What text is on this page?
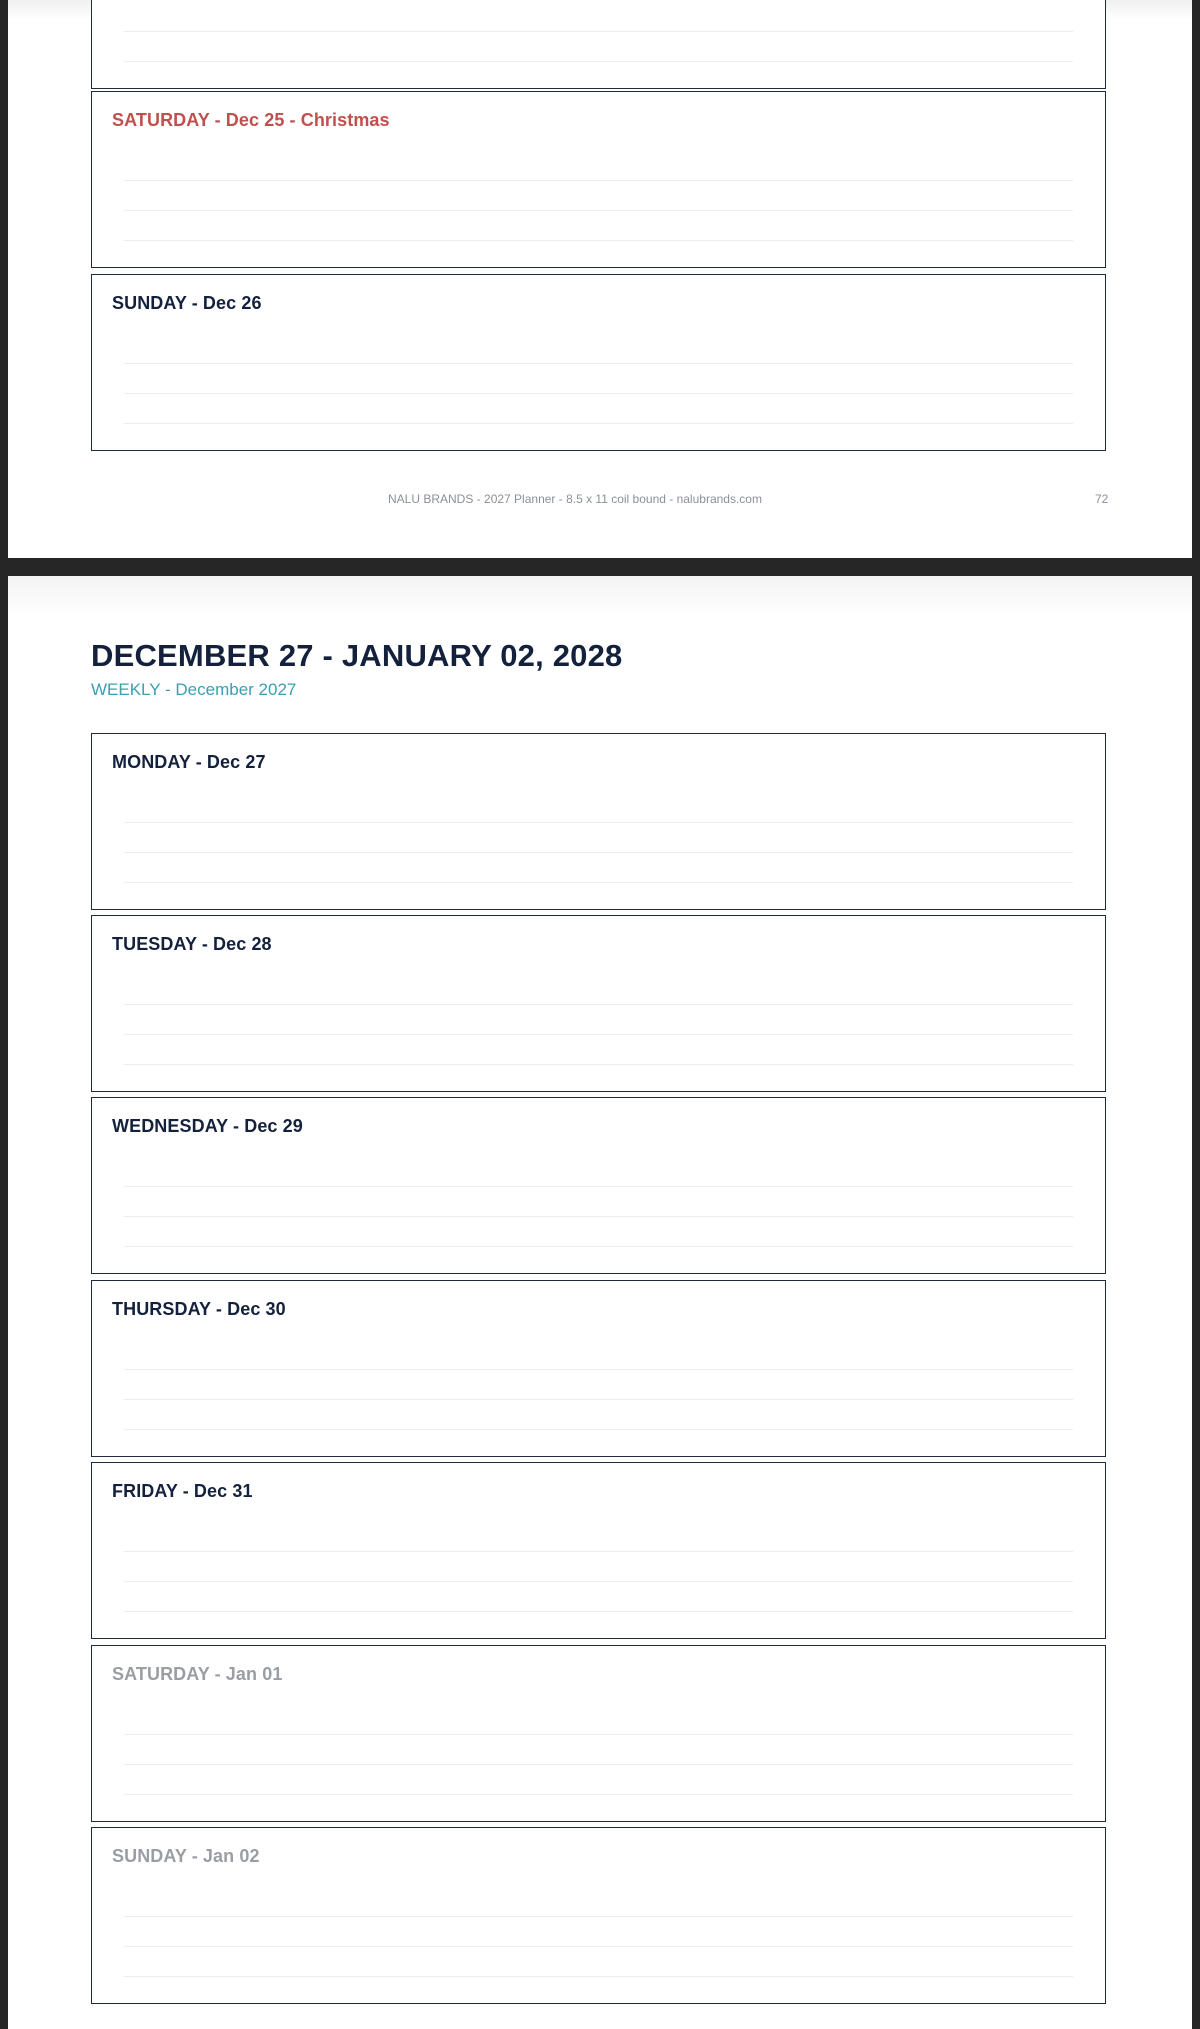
SATURDAY - Dec 25 - Christmas
SUNDAY - Dec 26
NALU BRANDS - 2027 Planner - 8.5 x 11 coil bound - nalubrands.com	72
DECEMBER 27 - JANUARY 02, 2028
WEEKLY - December 2027
MONDAY - Dec 27
TUESDAY - Dec 28
WEDNESDAY - Dec 29
THURSDAY - Dec 30
FRIDAY - Dec 31
SATURDAY - Jan 01
SUNDAY - Jan 02
